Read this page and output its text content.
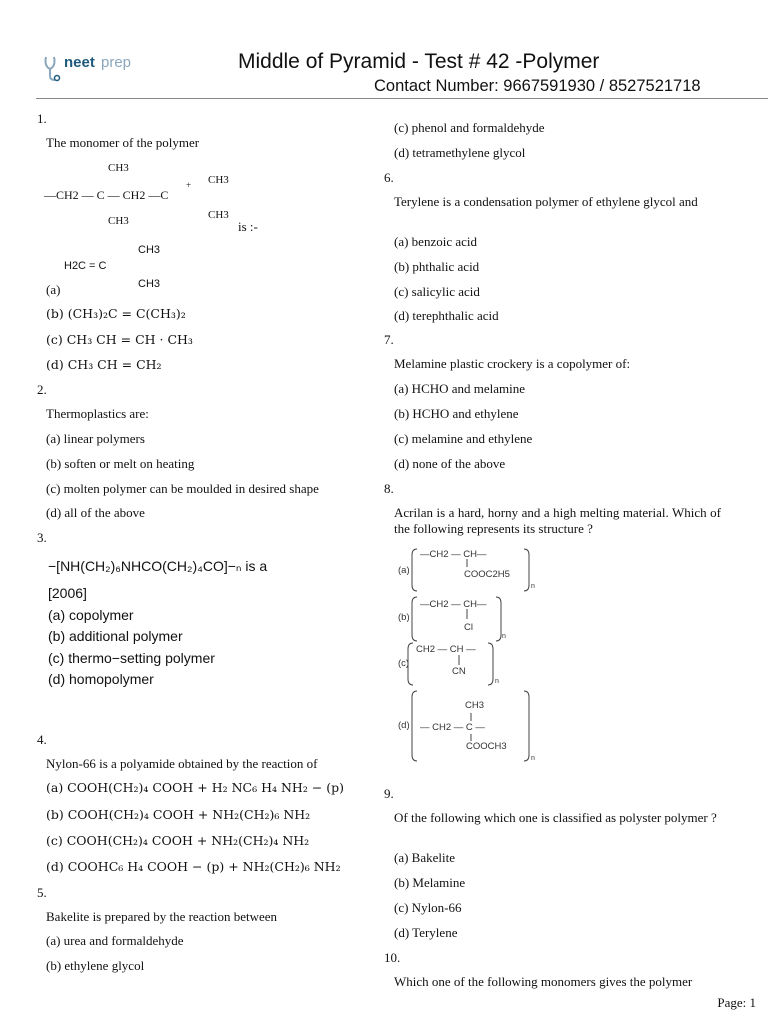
neet prep	Middle of Pyramid - Test # 42 -Polymer
Contact Number: 9667591930 / 8527521718
1.
The monomer of the polymer
CH3
—CH2 — C — CH2 —C
+ CH3
CH3
CH3	is :-
H2C = C
CH3
CH3
(a)
(b) (CH₃)₂C = C(CH₃)₂
(c) CH₃ CH = CH · CH₃
(d) CH₃ CH = CH₂
2.
Thermoplastics are:
(a) linear polymers
(b) soften or melt on heating
(c) molten polymer can be moulded in desired shape
(d) all of the above
3.
−[NH(CH₂)₆NHCO(CH₂)₄CO]−ₙ is a
[2006]
(a) copolymer
(b) additional polymer
(c) thermo−setting polymer
(d) homopolymer
4.
Nylon-66 is a polyamide obtained by the reaction of
(a) COOH(CH₂)₄ COOH + H₂ NC₆ H₄ NH₂ − (p)
(b) COOH(CH₂)₄ COOH + NH₂(CH₂)₆ NH₂
(c) COOH(CH₂)₄ COOH + NH₂(CH₂)₄ NH₂
(d) COOHC₆ H₄ COOH − (p) + NH₂(CH₂)₆ NH₂
5.
Bakelite is prepared by the reaction between
(a) urea and formaldehyde
(b) ethylene glycol
(c) phenol and formaldehyde
(d) tetramethylene glycol
6.
Terylene is a condensation polymer of ethylene glycol and
(a) benzoic acid
(b) phthalic acid
(c) salicylic acid
(d) terephthalic acid
7.
Melamine plastic crockery is a copolymer of:
(a) HCHO and melamine
(b) HCHO and ethylene
(c) melamine and ethylene
(d) none of the above
8.
Acrilan is a hard, horny and a high melting material. Which of the following represents its structure ?
(a)
—CH2 — CH—
COOC2H5
n
(b)
—CH2 — CH—
Cl
n
(c)
CH2 — CH —
CN
n
(d)
CH3
— CH2 — C —
COOCH3
n
9.
Of the following which one is classified as polyster polymer ?
(a) Bakelite
(b) Melamine
(c) Nylon-66
(d) Terylene
10.
Which one of the following monomers gives the polymer
Page: 1
